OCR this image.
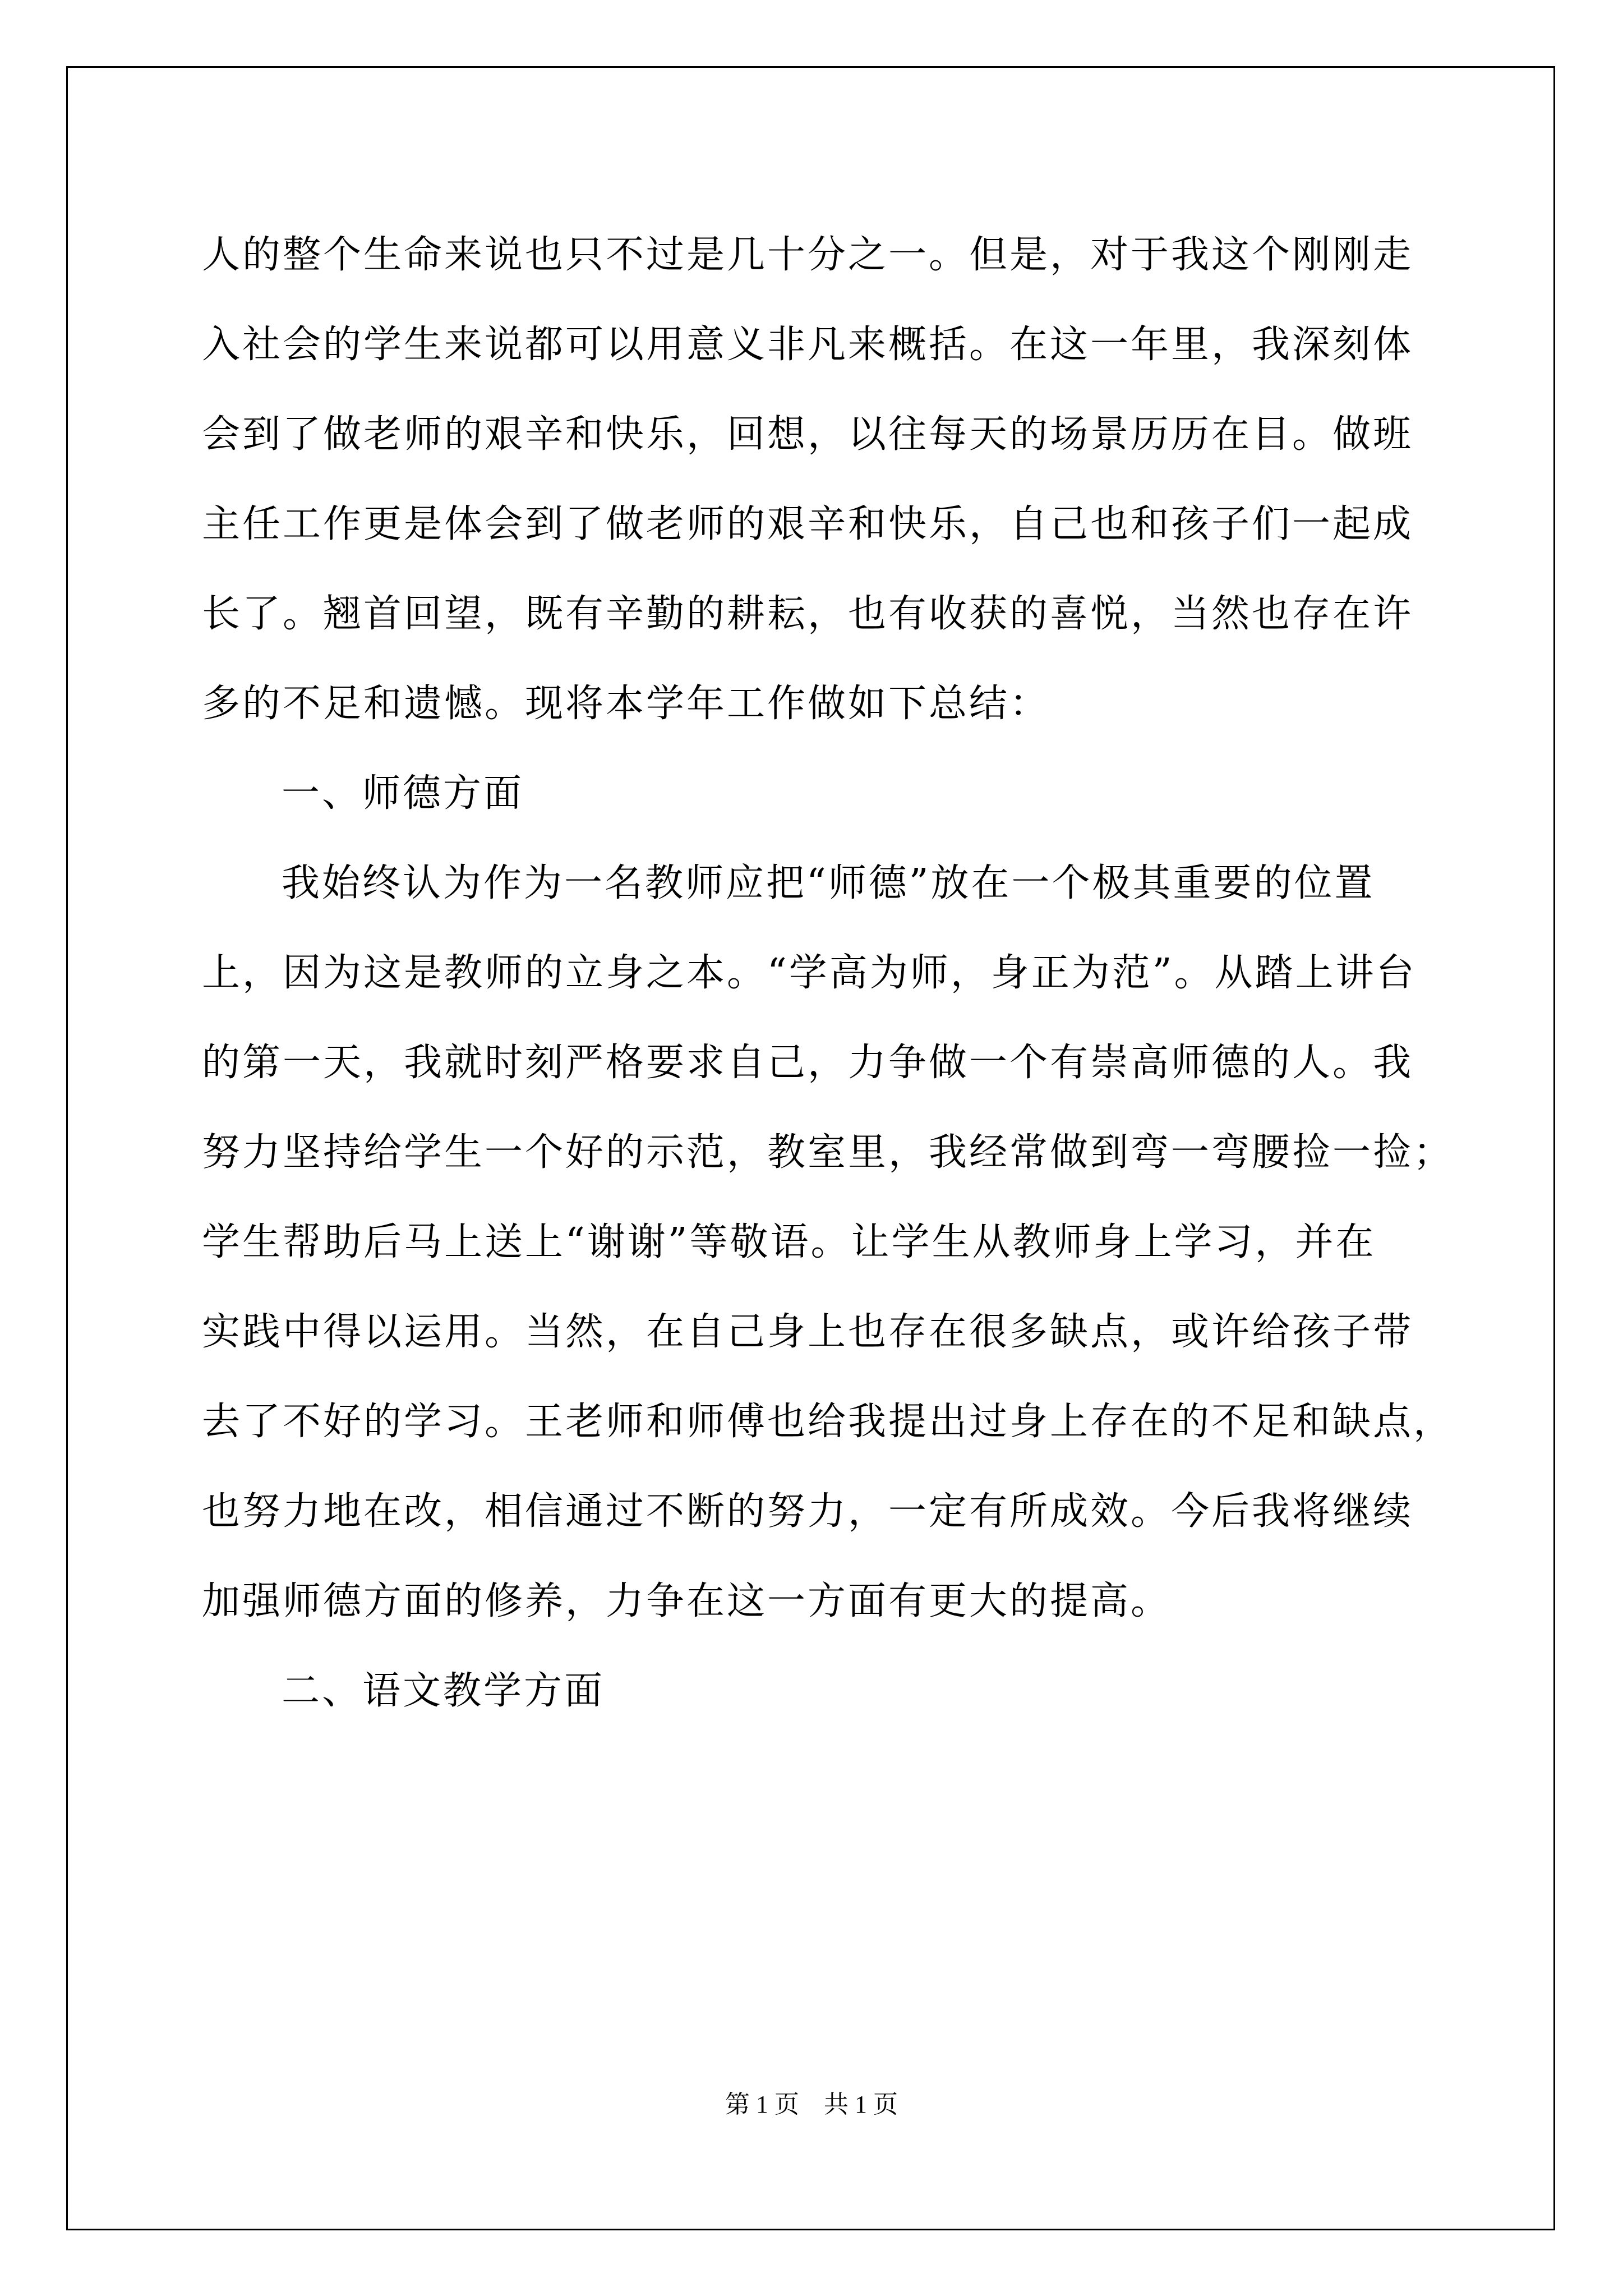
人的整个生命来说也只不过是几十分之一。但是，对于我这个刚刚走
入社会的学生来说都可以用意义非凡来概括。在这一年里，我深刻体
会到了做老师的艰辛和快乐，回想，以往每天的场景历历在目。做班
主任工作更是体会到了做老师的艰辛和快乐，自己也和孩子们一起成
长了。翘首回望，既有辛勤的耕耘，也有收获的喜悦，当然也存在许
多的不足和遗憾。现将本学年工作做如下总结：
一、师德方面
我始终认为作为一名教师应把“师德”放在一个极其重要的位置
上，因为这是教师的立身之本。“学高为师，身正为范”。从踏上讲台
的第一天，我就时刻严格要求自己，力争做一个有崇高师德的人。我
努力坚持给学生一个好的示范，教室里，我经常做到弯一弯腰捡一捡；
学生帮助后马上送上“谢谢”等敬语。让学生从教师身上学习，并在
实践中得以运用。当然，在自己身上也存在很多缺点，或许给孩子带
去了不好的学习。王老师和师傅也给我提出过身上存在的不足和缺点，
也努力地在改，相信通过不断的努力，一定有所成效。今后我将继续
加强师德方面的修养，力争在这一方面有更大的提高。
二、语文教学方面
第 1 页　共 1 页
